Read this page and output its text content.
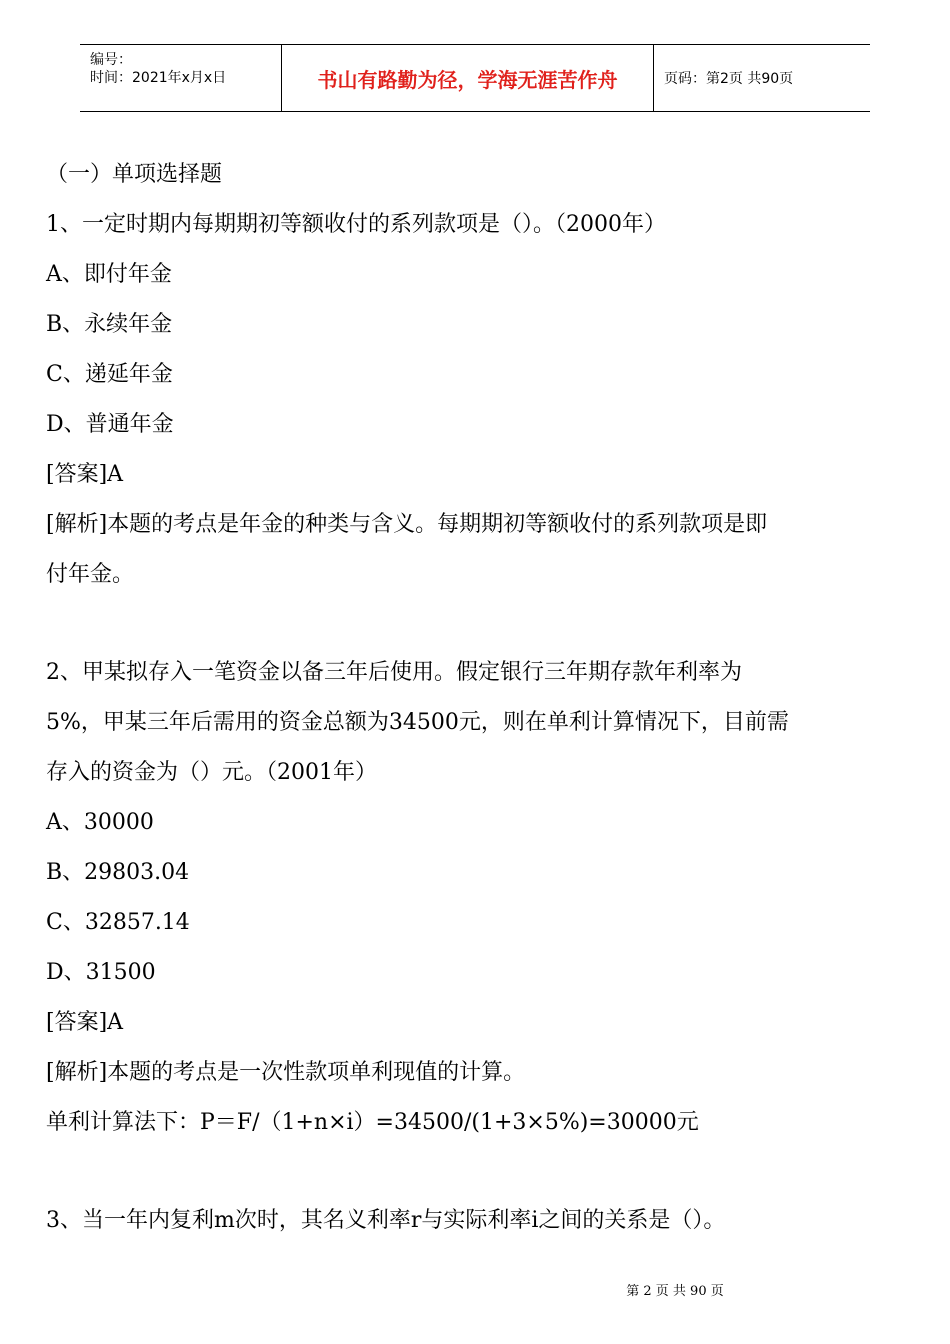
编号：
时间：2021年x月x日	书山有路勤为径，学海无涯苦作舟	页码：第2页 共90页
（一）单项选择题
1、一定时期内每期期初等额收付的系列款项是（）。（2000年）
A、即付年金
B、永续年金
C、递延年金
D、普通年金
[答案]A
[解析]本题的考点是年金的种类与含义。每期期初等额收付的系列款项是即
付年金。
2、甲某拟存入一笔资金以备三年后使用。假定银行三年期存款年利率为
5%，甲某三年后需用的资金总额为34500元，则在单利计算情况下，目前需
存入的资金为（）元。（2001年）
A、30000
B、29803.04
C、32857.14
D、31500
[答案]A
[解析]本题的考点是一次性款项单利现值的计算。
单利计算法下：P＝F/（1+n×i）=34500/(1+3×5%)=30000元
3、当一年内复利m次时，其名义利率r与实际利率i之间的关系是（）。
第 2 页 共 90 页
